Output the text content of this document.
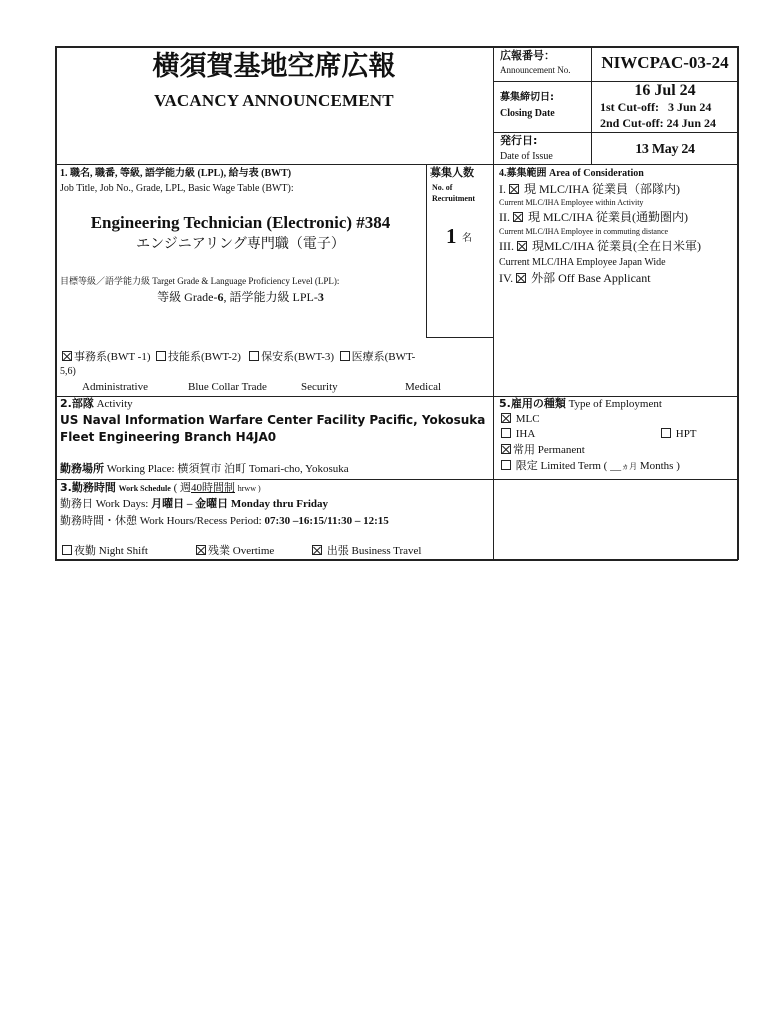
横須賀基地空席広報
VACANCY ANNOUNCEMENT
広報番号：
Announcement No.	NIWCPAC-03-24
募集締切日:
Closing Date
16 Jul 24
1st Cut-off:   3 Jun 24
2nd Cut-off: 24 Jun 24
発行日:
Date of Issue	13 May 24
1. 職名, 職番, 等級, 語学能力級 (LPL), 給与表 (BWT)
Job Title, Job No., Grade, LPL, Basic Wage Table (BWT):
Engineering Technician (Electronic) #384
エンジニアリング専門職（電子）
目標等級／語学能力級 Target Grade & Language Proficiency Level (LPL):
等級 Grade-6, 語学能力級 LPL-3
募集人数
No. of
Recruitment
1 名
事務系(BWT -1) 技能系(BWT-2) 保安系(BWT-3) 医療系(BWT-
5,6)
Administrative	Blue Collar Trade	Security	Medical
4.募集範囲 Area of Consideration
I. 現 MLC/IHA 従業員（部隊内)
Current MLC/IHA Employee within Activity
II. 現 MLC/IHA 従業員(通勤圏内)
Current MLC/IHA Employee in commuting distance
III. 現MLC/IHA 従業員(全在日米軍)
Current MLC/IHA Employee Japan Wide
IV. 外部 Off Base Applicant
2.部隊 Activity
US Naval Information Warfare Center Facility Pacific, Yokosuka
Fleet Engineering Branch H4JA0
勤務場所 Working Place: 横須賀市 泊町 Tomari-cho, Yokosuka
3.勤務時間 Work Schedule ( 週40時間制 hrww )
勤務日 Work Days: 月曜日 – 金曜日 Monday thru Friday
勤務時間・休憩 Work Hours/Recess Period: 07:30 –16:15/11:30 – 12:15
夜勤 Night Shift	残業 Overtime	出張 Business Travel
5.雇用の種類 Type of Employment
MLC
IHA	HPT
常用 Permanent
限定 Limited Term ( __ヵ月 Months )
